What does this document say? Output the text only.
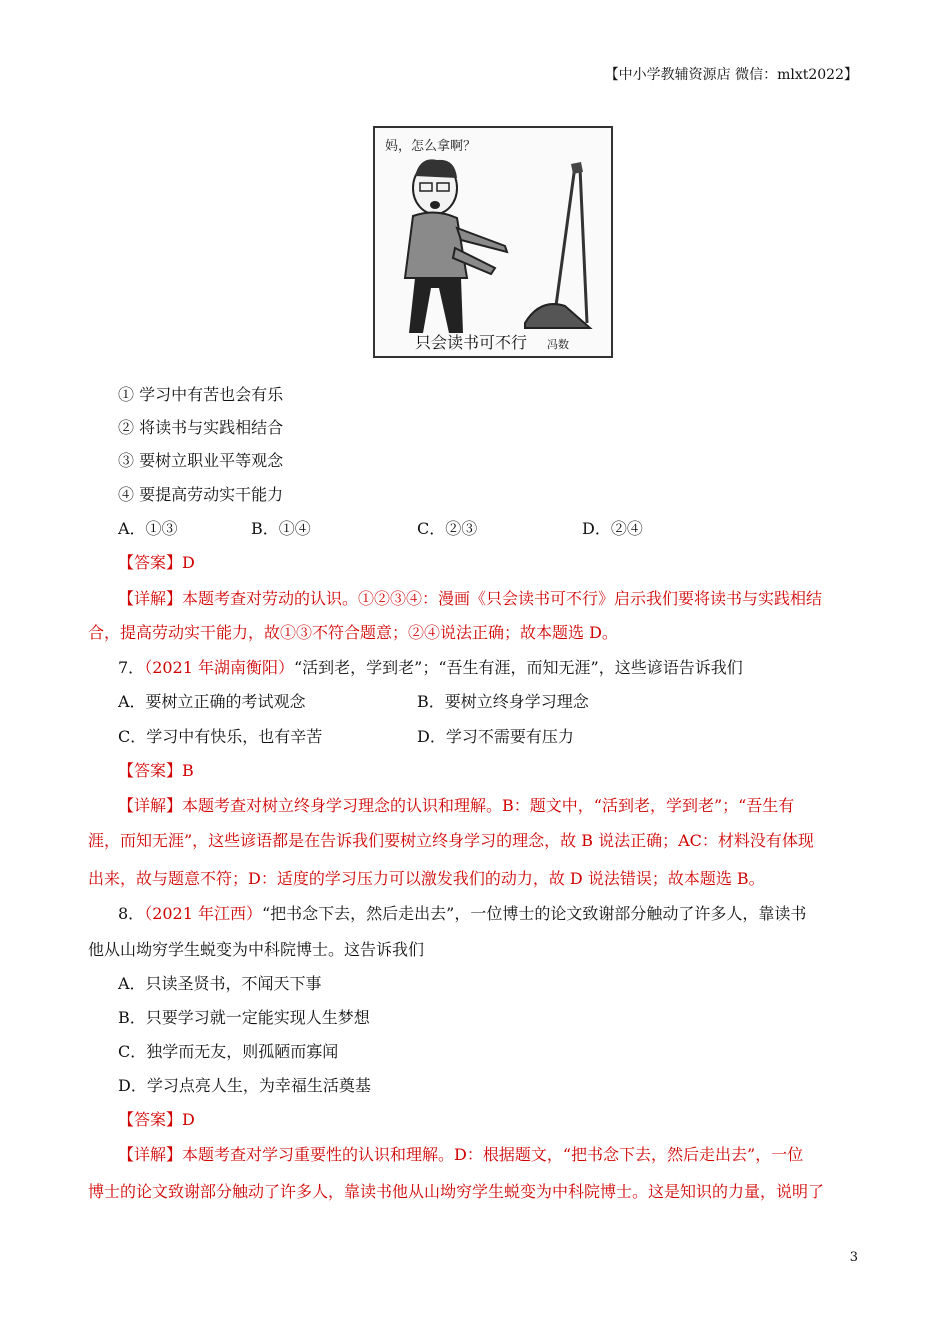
【中小学教辅资源店 微信：mlxt2022】
妈，怎么拿啊？
只会读书可不行 冯数
① 学习中有苦也会有乐
② 将读书与实践相结合
③ 要树立职业平等观念
④ 要提高劳动实干能力
A．①③	B．①④	C．②③	D．②④
【答案】D
【详解】本题考查对劳动的认识。①②③④：漫画《只会读书可不行》启示我们要将读书与实践相结
合，提高劳动实干能力，故①③不符合题意；②④说法正确；故本题选 D。
7．（2021 年湖南衡阳）“活到老，学到老”；“吾生有涯，而知无涯”，这些谚语告诉我们
A．要树立正确的考试观念	B．要树立终身学习理念
C．学习中有快乐，也有辛苦	D．学习不需要有压力
【答案】B
【详解】本题考查对树立终身学习理念的认识和理解。B：题文中，“活到老，学到老”；“吾生有
涯，而知无涯”，这些谚语都是在告诉我们要树立终身学习的理念，故 B 说法正确；AC：材料没有体现
出来，故与题意不符；D：适度的学习压力可以激发我们的动力，故 D 说法错误；故本题选 B。
8．（2021 年江西）“把书念下去，然后走出去”，一位博士的论文致谢部分触动了许多人，靠读书
他从山坳穷学生蜕变为中科院博士。这告诉我们
A．只读圣贤书，不闻天下事
B．只要学习就一定能实现人生梦想
C．独学而无友，则孤陋而寡闻
D．学习点亮人生，为幸福生活奠基
【答案】D
【详解】本题考查对学习重要性的认识和理解。D：根据题文，“把书念下去，然后走出去”，一位
博士的论文致谢部分触动了许多人，靠读书他从山坳穷学生蜕变为中科院博士。这是知识的力量，说明了
3
